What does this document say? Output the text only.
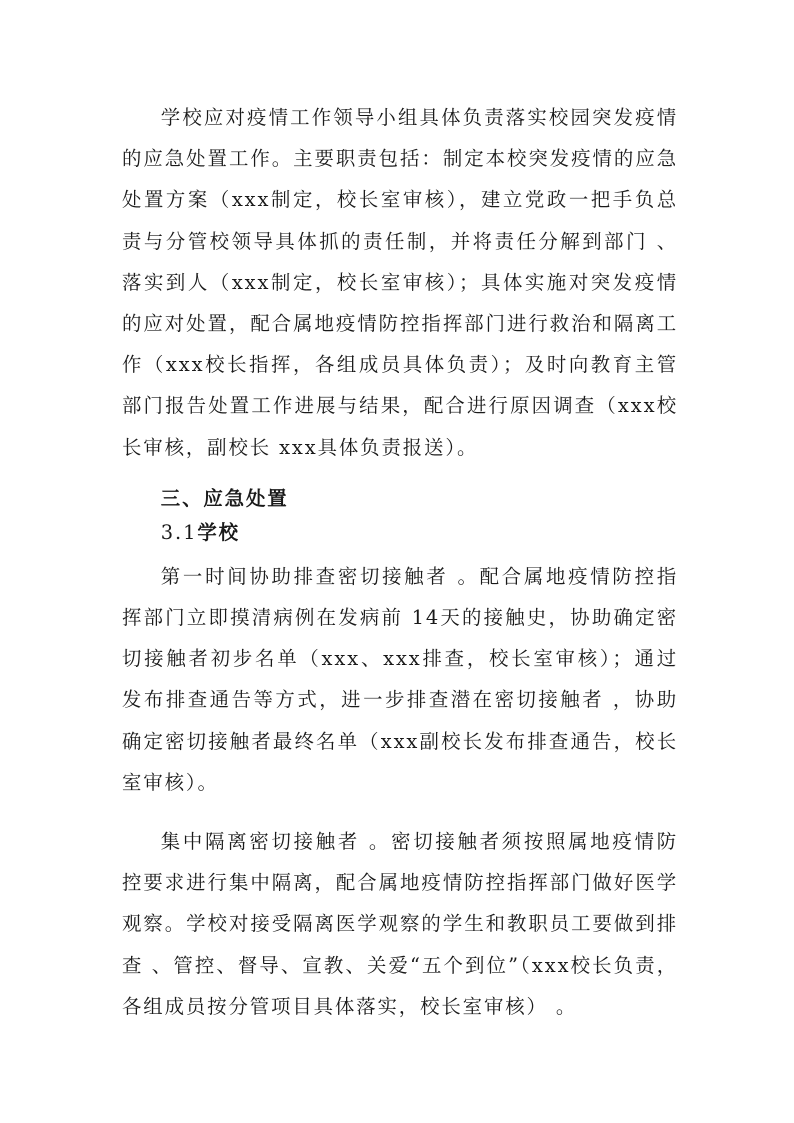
学校应对疫情工作领导小组具体负责落实校园突发疫情的应急处置工作。主要职责包括：制定本校突发疫情的应急处置方案（xxx制定，校长室审核），建立党政一把手负总责与分管校领导具体抓的责任制，并将责任分解到部门 、落实到人（xxx制定，校长室审核）；具体实施对突发疫情的应对处置，配合属地疫情防控指挥部门进行救治和隔离工作（xxx校长指挥，各组成员具体负责）；及时向教育主管部门报告处置工作进展与结果，配合进行原因调查（xxx校长审核，副校长 xxx具体负责报送）。

三、应急处置
3.1学校

第一时间协助排查密切接触者 。配合属地疫情防控指挥部门立即摸清病例在发病前 14天的接触史，协助确定密切接触者初步名单（xxx、xxx排查，校长室审核）；通过发布排查通告等方式，进一步排查潜在密切接触者 ，协助确定密切接触者最终名单（xxx副校长发布排查通告，校长室审核）。

集中隔离密切接触者 。密切接触者须按照属地疫情防控要求进行集中隔离，配合属地疫情防控指挥部门做好医学观察。学校对接受隔离医学观察的学生和教职员工要做到排查 、管控、督导、宣教、关爱“五个到位”（xxx校长负责，各组成员按分管项目具体落实，校长室审核） 。
